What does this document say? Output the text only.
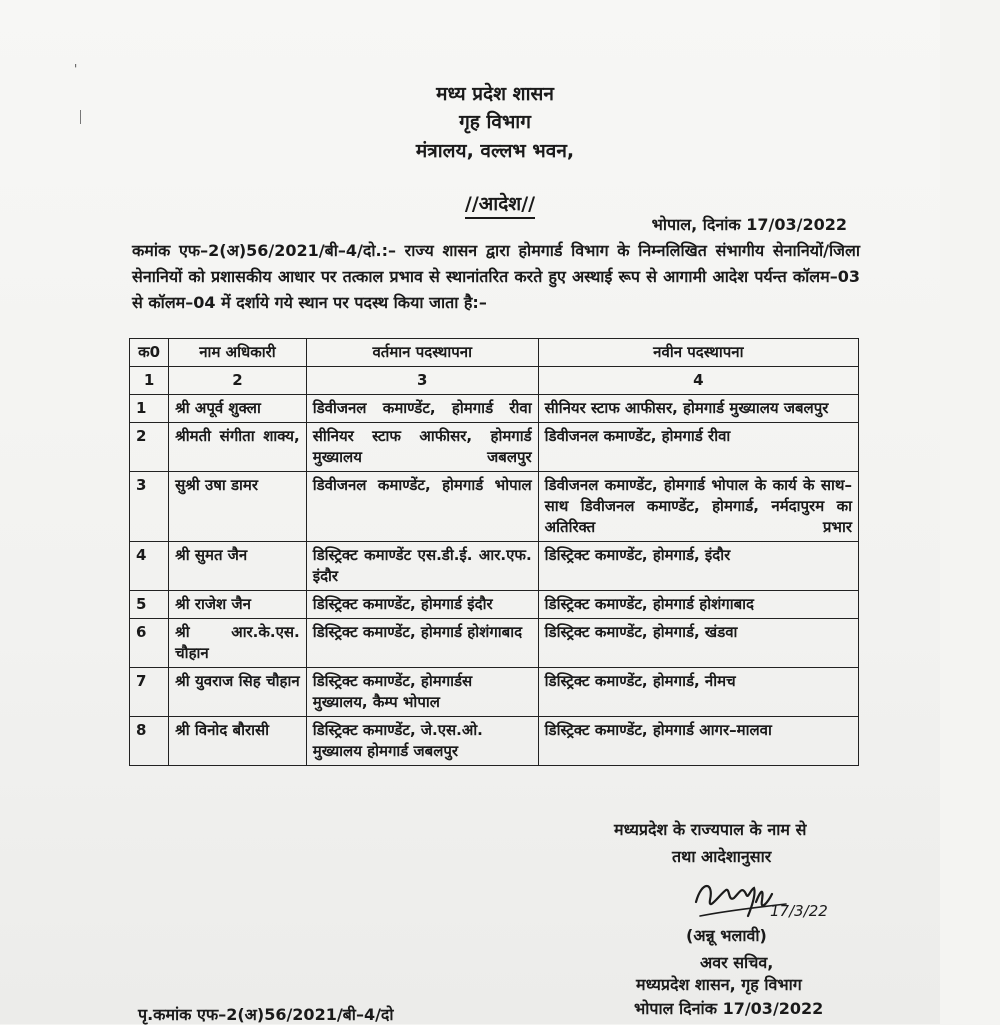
'
मध्य प्रदेश शासन
गृह विभाग
मंत्रालय, वल्लभ भवन,
//आदेश//
भोपाल, दिनांक 17/03/2022
कमांक एफ–2(अ)56/2021/बी–4/दो.:– राज्य शासन द्वारा होमगार्ड विभाग के निम्नलिखित संभागीय सेनानियों/जिला सेनानियों को प्रशासकीय आधार पर तत्काल प्रभाव से स्थानांतरित करते हुए अस्थाई रूप से आगामी आदेश पर्यन्त कॉलम–03 से कॉलम–04 में दर्शाये गये स्थान पर पदस्थ किया जाता है:–
क0	नाम अधिकारी	वर्तमान पदस्थापना	नवीन पदस्थापना
1	2	3	4
1	श्री अपूर्व शुक्ला	डिवीजनल कमाण्डेंट, होमगार्ड रीवा	सीनियर स्टाफ आफीसर, होमगार्ड मुख्यालय जबलपुर
2	श्रीमती संगीता शाक्य,	सीनियर स्टाफ आफीसर, होमगार्ड मुख्यालय जबलपुर	डिवीजनल कमाण्डेंट, होमगार्ड रीवा
3	सुश्री उषा डामर	डिवीजनल कमाण्डेंट, होमगार्ड भोपाल	डिवीजनल कमाण्डेंट, होमगार्ड भोपाल के कार्य के साथ–साथ डिवीजनल कमाण्डेंट, होमगार्ड, नर्मदापुरम का अतिरिक्त प्रभार
4	श्री सुमत जैन	डिस्ट्रिक्ट कमाण्डेंट एस.डी.ई. आर.एफ. इंदौर	डिस्ट्रिक्ट कमाण्डेंट, होमगार्ड, इंदौर
5	श्री राजेश जैन	डिस्ट्रिक्ट कमाण्डेंट, होमगार्ड इंदौर	डिस्ट्रिक्ट कमाण्डेंट, होमगार्ड होशंगाबाद
6	श्री आर.के.एस. चौहान	डिस्ट्रिक्ट कमाण्डेंट, होमगार्ड होशंगाबाद	डिस्ट्रिक्ट कमाण्डेंट, होमगार्ड, खंडवा
7	श्री युवराज सिह चौहान	डिस्ट्रिक्ट कमाण्डेंट, होमगार्डस मुख्यालय, कैम्प भोपाल	डिस्ट्रिक्ट कमाण्डेंट, होमगार्ड, नीमच
8	श्री विनोद बौरासी	डिस्ट्रिक्ट कमाण्डेंट, जे.एस.ओ. मुख्यालय होमगार्ड जबलपुर	डिस्ट्रिक्ट कमाण्डेंट, होमगार्ड आगर–मालवा
मध्यप्रदेश के राज्यपाल के नाम से
तथा आदेशानुसार
17/3/22
(अन्नू भलावी)
अवर सचिव,
मध्यप्रदेश शासन, गृह विभाग
भोपाल दिनांक 17/03/2022
पृ.कमांक एफ–2(अ)56/2021/बी–4/दो
